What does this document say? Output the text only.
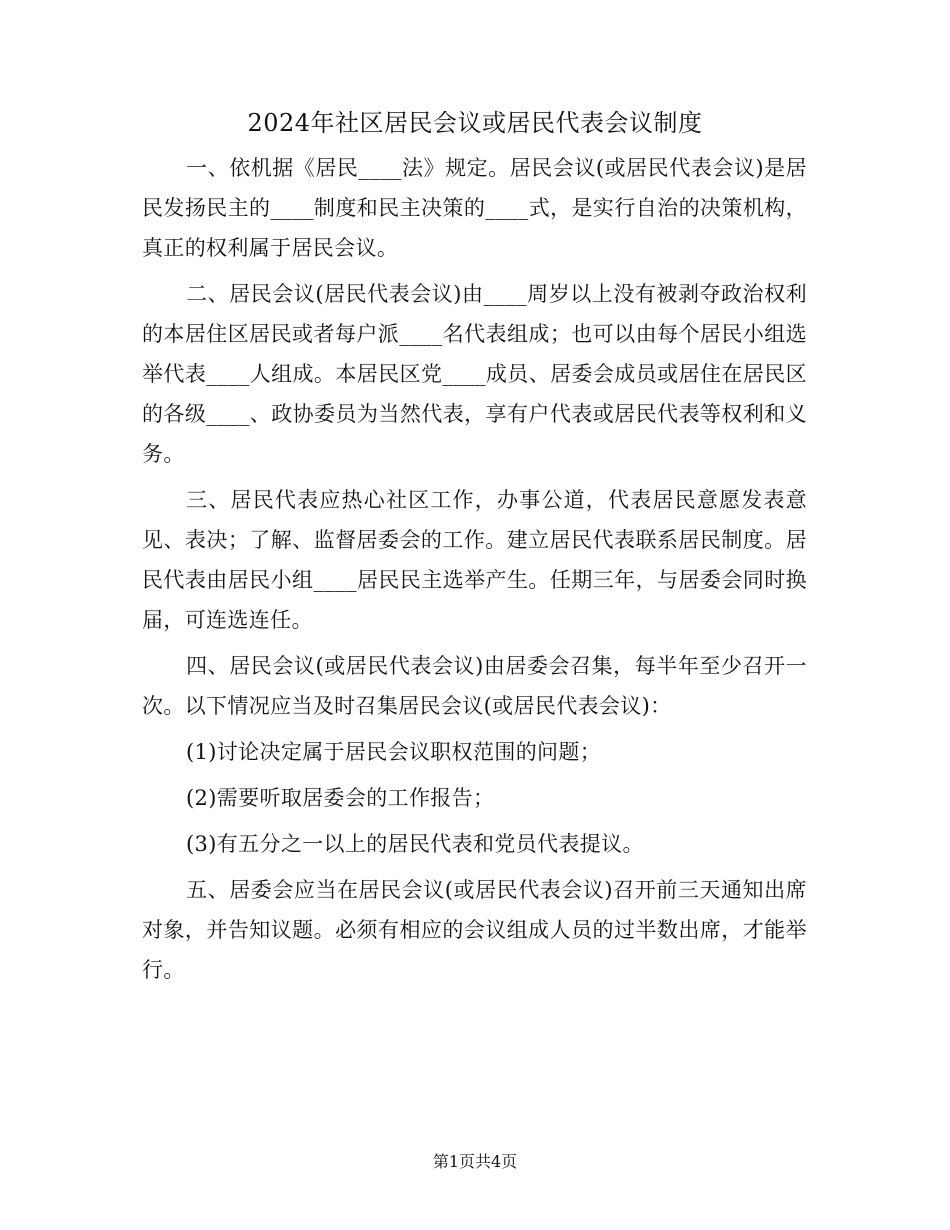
2024年社区居民会议或居民代表会议制度

一、依机据《居民____法》规定。居民会议(或居民代表会议)是居民发扬民主的____制度和民主决策的____式，是实行自治的决策机构，真正的权利属于居民会议。

二、居民会议(居民代表会议)由____周岁以上没有被剥夺政治权利的本居住区居民或者每户派____名代表组成；也可以由每个居民小组选举代表____人组成。本居民区党____成员、居委会成员或居住在居民区的各级____、政协委员为当然代表，享有户代表或居民代表等权利和义务。

三、居民代表应热心社区工作，办事公道，代表居民意愿发表意见、表决；了解、监督居委会的工作。建立居民代表联系居民制度。居民代表由居民小组____居民民主选举产生。任期三年，与居委会同时换届，可连选连任。

四、居民会议(或居民代表会议)由居委会召集，每半年至少召开一次。以下情况应当及时召集居民会议(或居民代表会议)：

(1)讨论决定属于居民会议职权范围的问题；
(2)需要听取居委会的工作报告；
(3)有五分之一以上的居民代表和党员代表提议。

五、居委会应当在居民会议(或居民代表会议)召开前三天通知出席对象，并告知议题。必须有相应的会议组成人员的过半数出席，才能举行。

第1页共4页
